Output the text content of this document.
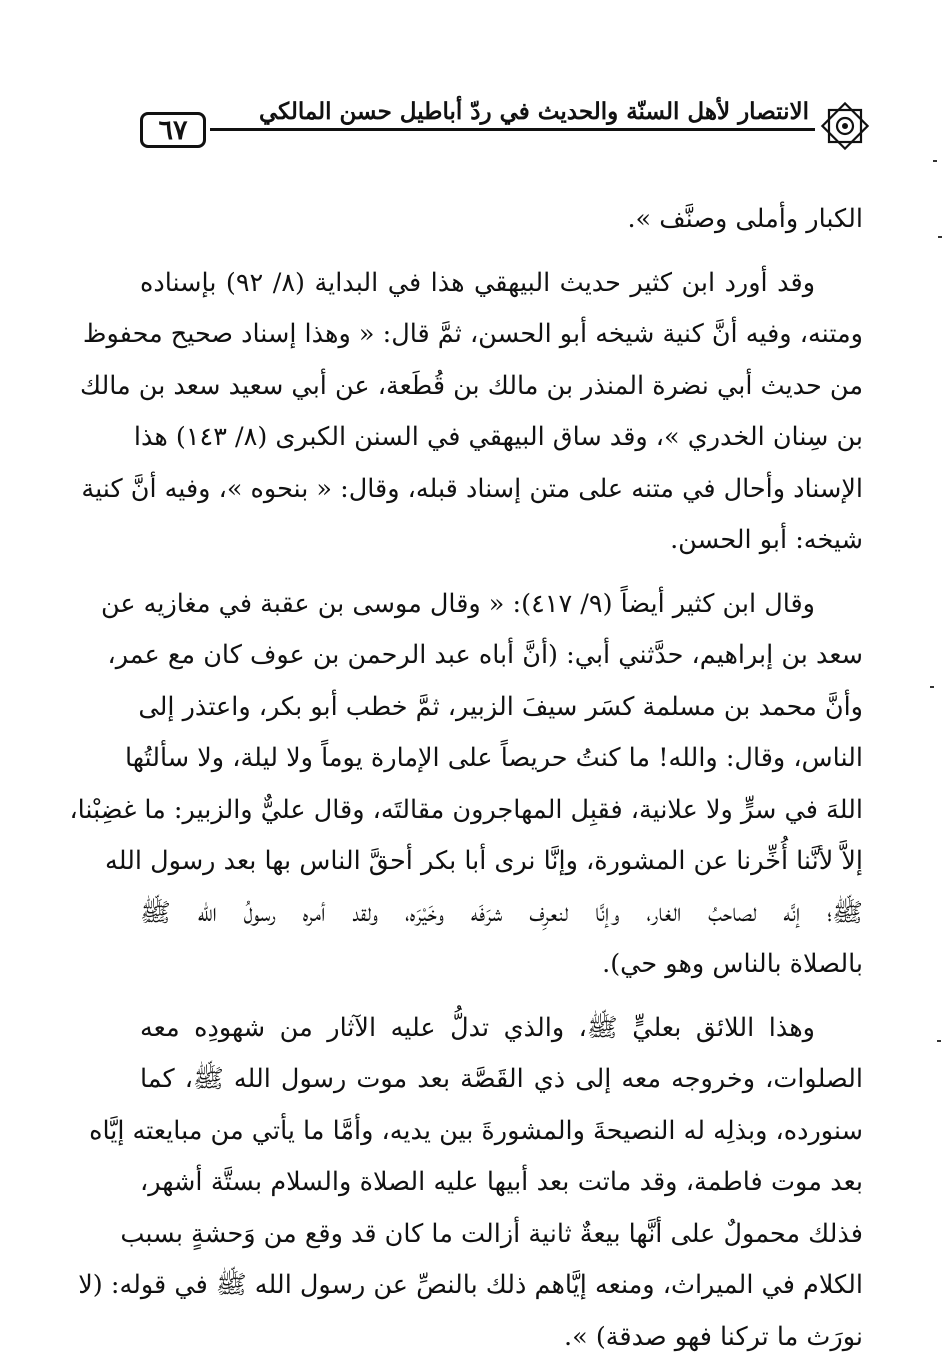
٦٧
الانتصار لأهل السنّة والحديث في ردّ أباطيل حسن المالكي
الكبار وأملى وصنَّف ».
وقد أورد ابن كثير حديث البيهقي هذا في البداية (٨/ ٩٢) بإسناده
ومتنه، وفيه أنَّ كنية شيخه أبو الحسن، ثمَّ قال: « وهذا إسناد صحيح محفوظ
من حديث أبي نضرة المنذر بن مالك بن قُطَعة، عن أبي سعيد سعد بن مالك
بن سِنان الخدري »، وقد ساق البيهقي في السنن الكبرى (٨/ ١٤٣) هذا
الإسناد وأحال في متنه على متن إسناد قبله، وقال: « بنحوه »، وفيه أنَّ كنية
شيخه: أبو الحسن.
وقال ابن كثير أيضاً (٩/ ٤١٧): « وقال موسى بن عقبة في مغازيه عن
سعد بن إبراهيم، حدَّثني أبي: (أنَّ أباه عبد الرحمن بن عوف كان مع عمر،
وأنَّ محمد بن مسلمة كسَر سيفَ الزبير، ثمَّ خطب أبو بكر، واعتذر إلى
الناس، وقال: والله! ما كنتُ حريصاً على الإمارة يوماً ولا ليلة، ولا سألتُها
اللهَ في سرٍّ ولا علانية، فقبِل المهاجرون مقالتَه، وقال عليٌّ والزبير: ما غضِبْنا،
إلاَّ لأنَّنا أُخِّرنا عن المشورة، وإنَّا نرى أبا بكر أحقَّ الناس بها بعد رسول الله
ﷺ؛ إنَّه لصاحبُ الغار، وإنَّا لنعرِف شرَفَه وخَيْرَه، ولقد أمره رسولُ الله ﷺ
بالصلاة بالناس وهو حي).
وهذا اللائق بعليٍّ ﷺ، والذي تدلُّ عليه الآثار من شهودِه معه
الصلوات، وخروجه معه إلى ذي القَصَّة بعد موت رسول الله ﷺ، كما
سنورده، وبذلِه له النصيحةَ والمشورةَ بين يديه، وأمَّا ما يأتي من مبايعته إيَّاه
بعد موت فاطمة، وقد ماتت بعد أبيها عليه الصلاة والسلام بستَّة أشهر،
فذلك محمولٌ على أنَّها بيعةٌ ثانية أزالت ما كان قد وقع من وَحشةٍ بسبب
الكلام في الميراث، ومنعه إيَّاهم ذلك بالنصِّ عن رسول الله ﷺ في قوله: (لا
نورَث ما تركنا فهو صدقة) ».
